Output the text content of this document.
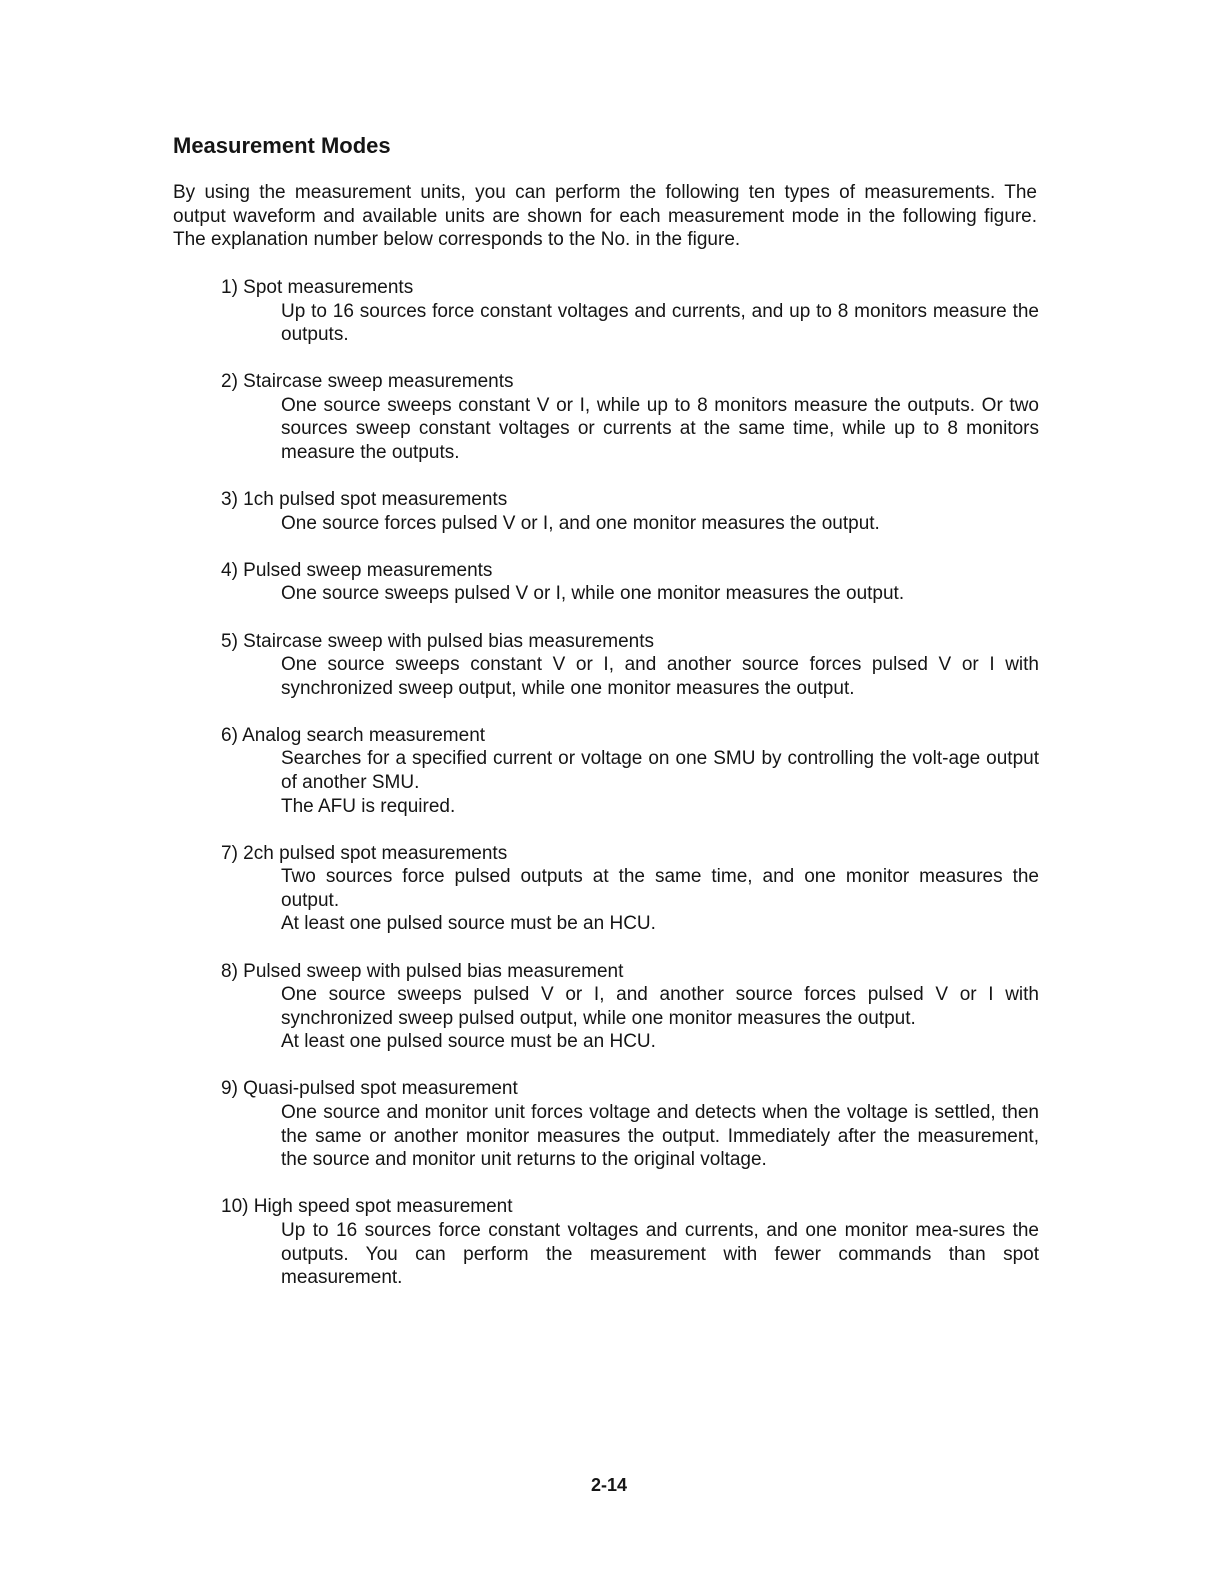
Measurement Modes

By using the measurement units, you can perform the following ten types of measurements. The output waveform and available units are shown for each measurement mode in the following figure. The explanation number below corresponds to the No. in the figure.

1) Spot measurements

Up to 16 sources force constant voltages and currents, and up to 8 monitors measure the outputs.

2) Staircase sweep measurements

One source sweeps constant V or I, while up to 8 monitors measure the outputs. Or two sources sweep constant voltages or currents at the same time, while up to 8 monitors measure the outputs.

3) 1ch pulsed spot measurements

One source forces pulsed V or I, and one monitor measures the output.

4) Pulsed sweep measurements

One source sweeps pulsed V or I, while one monitor measures the output.

5) Staircase sweep with pulsed bias measurements

One source sweeps constant V or I, and another source forces pulsed V or I with synchronized sweep output, while one monitor measures the output.

6) Analog search measurement

Searches for a specified current or voltage on one SMU by controlling the volt-age output of another SMU.
The AFU is required.

7) 2ch pulsed spot measurements

Two sources force pulsed outputs at the same time, and one monitor measures the output.
At least one pulsed source must be an HCU.

8) Pulsed sweep with pulsed bias measurement

One source sweeps pulsed V or I, and another source forces pulsed V or I with synchronized sweep pulsed output, while one monitor measures the output.
At least one pulsed source must be an HCU.

9) Quasi-pulsed spot measurement

One source and monitor unit forces voltage and detects when the voltage is settled, then the same or another monitor measures the output. Immediately after the measurement, the source and monitor unit returns to the original voltage.

10) High speed spot measurement

Up to 16 sources force constant voltages and currents, and one monitor mea-sures the outputs. You can perform the measurement with fewer commands than spot measurement.

2-14
